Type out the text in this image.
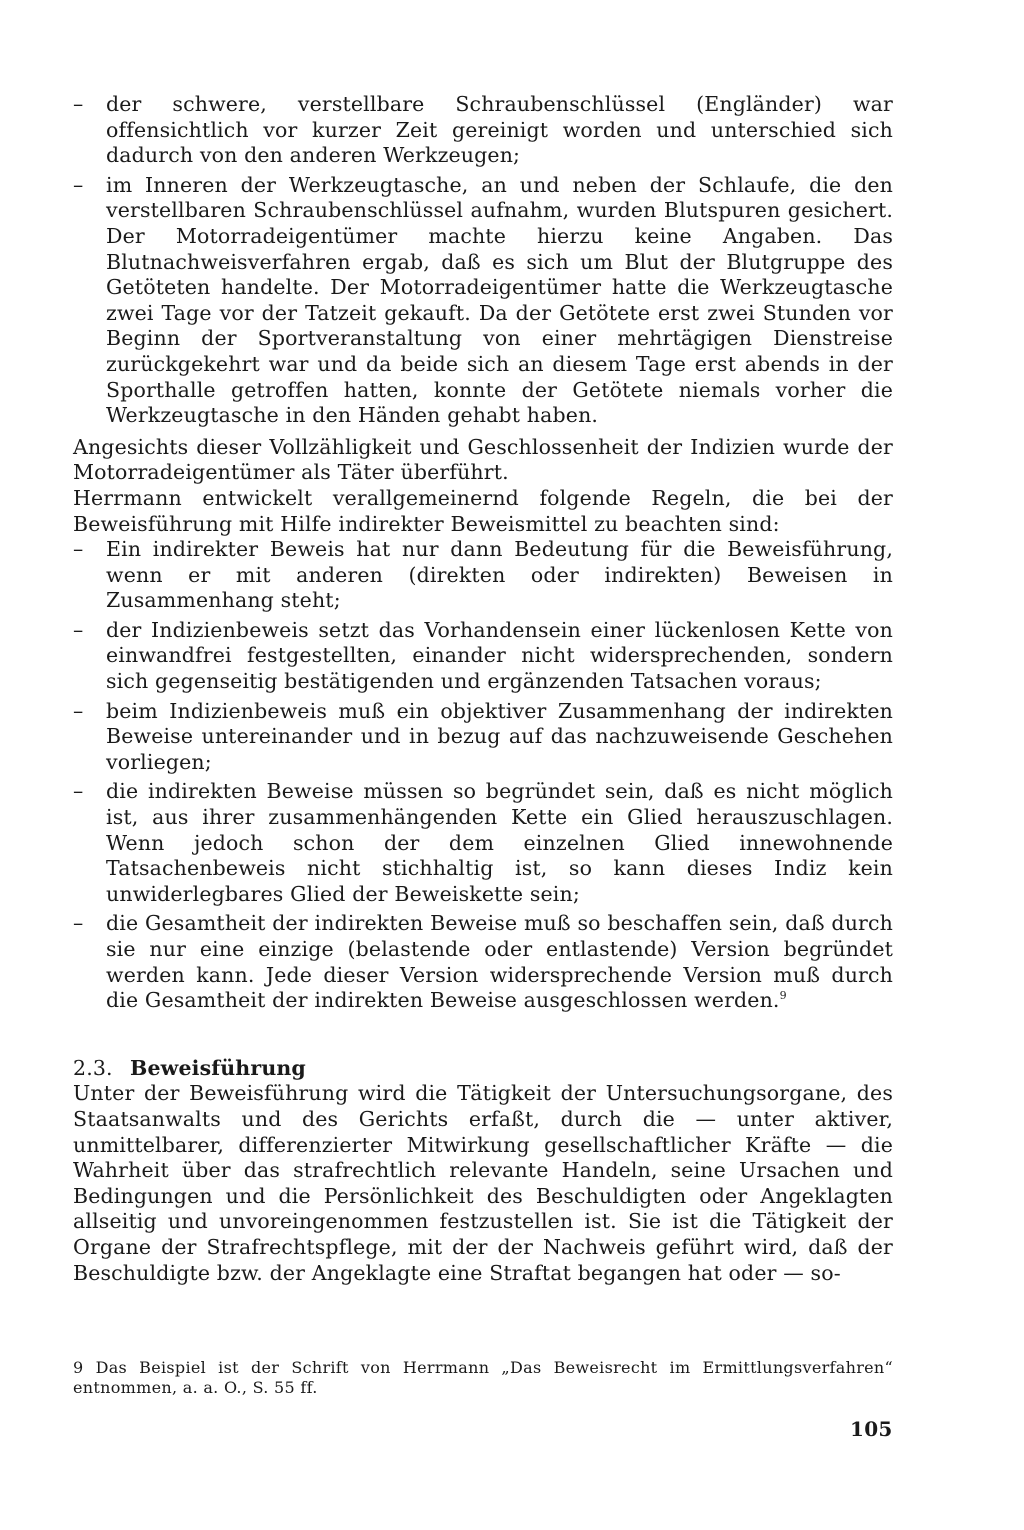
– der schwere, verstellbare Schraubenschlüssel (Engländer) war offensichtlich vor kurzer Zeit gereinigt worden und unterschied sich dadurch von den anderen Werkzeugen;
– im Inneren der Werkzeugtasche, an und neben der Schlaufe, die den verstellbaren Schraubenschlüssel aufnahm, wurden Blutspuren gesichert. Der Motorradeigentümer machte hierzu keine Angaben. Das Blutnachweisverfahren ergab, daß es sich um Blut der Blutgruppe des Getöteten handelte. Der Motorradeigentümer hatte die Werkzeugtasche zwei Tage vor der Tatzeit gekauft. Da der Getötete erst zwei Stunden vor Beginn der Sportveranstaltung von einer mehrtägigen Dienstreise zurückgekehrt war und da beide sich an diesem Tage erst abends in der Sporthalle getroffen hatten, konnte der Getötete niemals vorher die Werkzeugtasche in den Händen gehabt haben.

Angesichts dieser Vollzähligkeit und Geschlossenheit der Indizien wurde der Motorradeigentümer als Täter überführt.

Herrmann entwickelt verallgemeinernd folgende Regeln, die bei der Beweisführung mit Hilfe indirekter Beweismittel zu beachten sind:

– Ein indirekter Beweis hat nur dann Bedeutung für die Beweisführung, wenn er mit anderen (direkten oder indirekten) Beweisen in Zusammenhang steht;
– der Indizienbeweis setzt das Vorhandensein einer lückenlosen Kette von einwandfrei festgestellten, einander nicht widersprechenden, sondern sich gegenseitig bestätigenden und ergänzenden Tatsachen voraus;
– beim Indizienbeweis muß ein objektiver Zusammenhang der indirekten Beweise untereinander und in bezug auf das nachzuweisende Geschehen vorliegen;
– die indirekten Beweise müssen so begründet sein, daß es nicht möglich ist, aus ihrer zusammenhängenden Kette ein Glied herauszuschlagen. Wenn jedoch schon der dem einzelnen Glied innewohnende Tatsachenbeweis nicht stichhaltig ist, so kann dieses Indiz kein unwiderlegbares Glied der Beweiskette sein;
– die Gesamtheit der indirekten Beweise muß so beschaffen sein, daß durch sie nur eine einzige (belastende oder entlastende) Version begründet werden kann. Jede dieser Version widersprechende Version muß durch die Gesamtheit der indirekten Beweise ausgeschlossen werden.$^9$
2.3. Beweisführung

Unter der Beweisführung wird die Tätigkeit der Untersuchungsorgane, des Staatsanwalts und des Gerichts erfaßt, durch die — unter aktiver, unmittelbarer, differenzierter Mitwirkung gesellschaftlicher Kräfte — die Wahrheit über das strafrechtlich relevante Handeln, seine Ursachen und Bedingungen und die Persönlichkeit des Beschuldigten oder Angeklagten allseitig und unvoreingenommen festzustellen ist. Sie ist die Tätigkeit der Organe der Strafrechtspflege, mit der der Nachweis geführt wird, daß der Beschuldigte bzw. der Angeklagte eine Straftat begangen hat oder — so-

9 Das Beispiel ist der Schrift von Herrmann „Das Beweisrecht im Ermittlungsverfahren“ entnommen, a. a. O., S. 55 ff.
105
